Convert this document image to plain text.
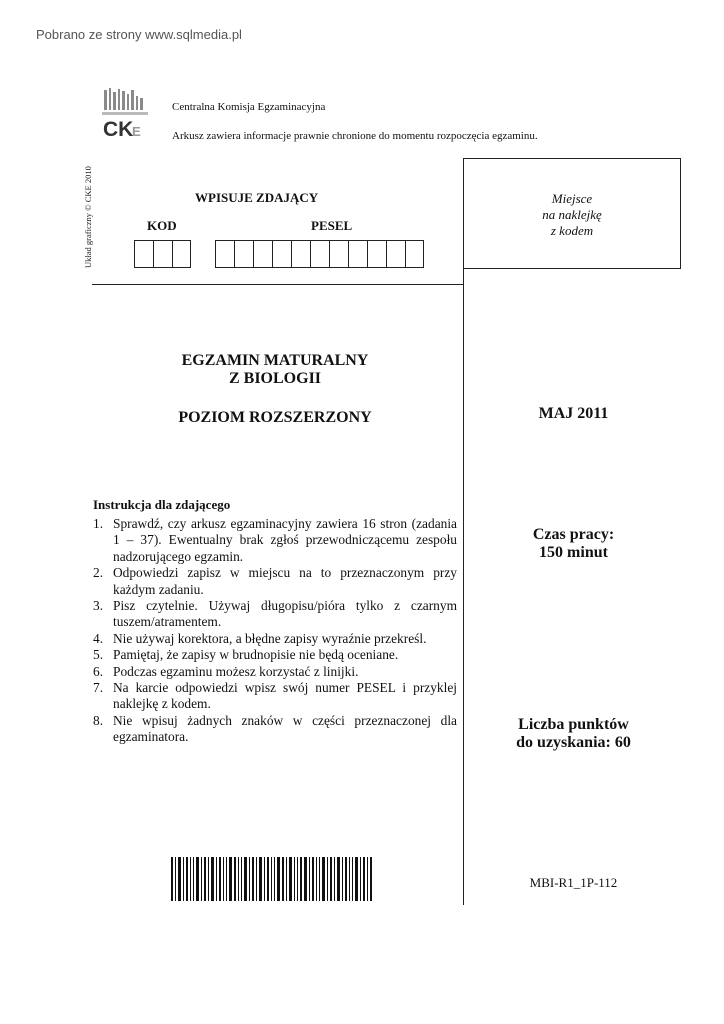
Pobrano ze strony www.sqlmedia.pl
CK
E
Centralna Komisja Egzaminacyjna
Arkusz zawiera informacje prawnie chronione do momentu rozpoczęcia egzaminu.
Układ graficzny © CKE 2010	WPISUJE ZDAJĄCY
KOD	PESEL
Miejsce
na naklejkę
z kodem
EGZAMIN MATURALNY
Z BIOLOGII
POZIOM ROZSZERZONY	MAJ 2011
Czas pracy:
150 minut
Liczba punktów
do uzyskania: 60
Instrukcja dla zdającego
1. Sprawdź, czy arkusz egzaminacyjny zawiera 16 stron (zadania 1 – 37). Ewentualny brak zgłoś przewodniczącemu zespołu nadzorującego egzamin.
2. Odpowiedzi zapisz w miejscu na to przeznaczonym przy każdym zadaniu.
3. Pisz czytelnie. Używaj długopisu/pióra tylko z czarnym tuszem/atramentem.
4. Nie używaj korektora, a błędne zapisy wyraźnie przekreśl.
5. Pamiętaj, że zapisy w brudnopisie nie będą oceniane.
6. Podczas egzaminu możesz korzystać z linijki.
7. Na karcie odpowiedzi wpisz swój numer PESEL i przyklej naklejkę z kodem.
8. Nie wpisuj żadnych znaków w części przeznaczonej dla egzaminatora.
MBI-R1_1P-112
